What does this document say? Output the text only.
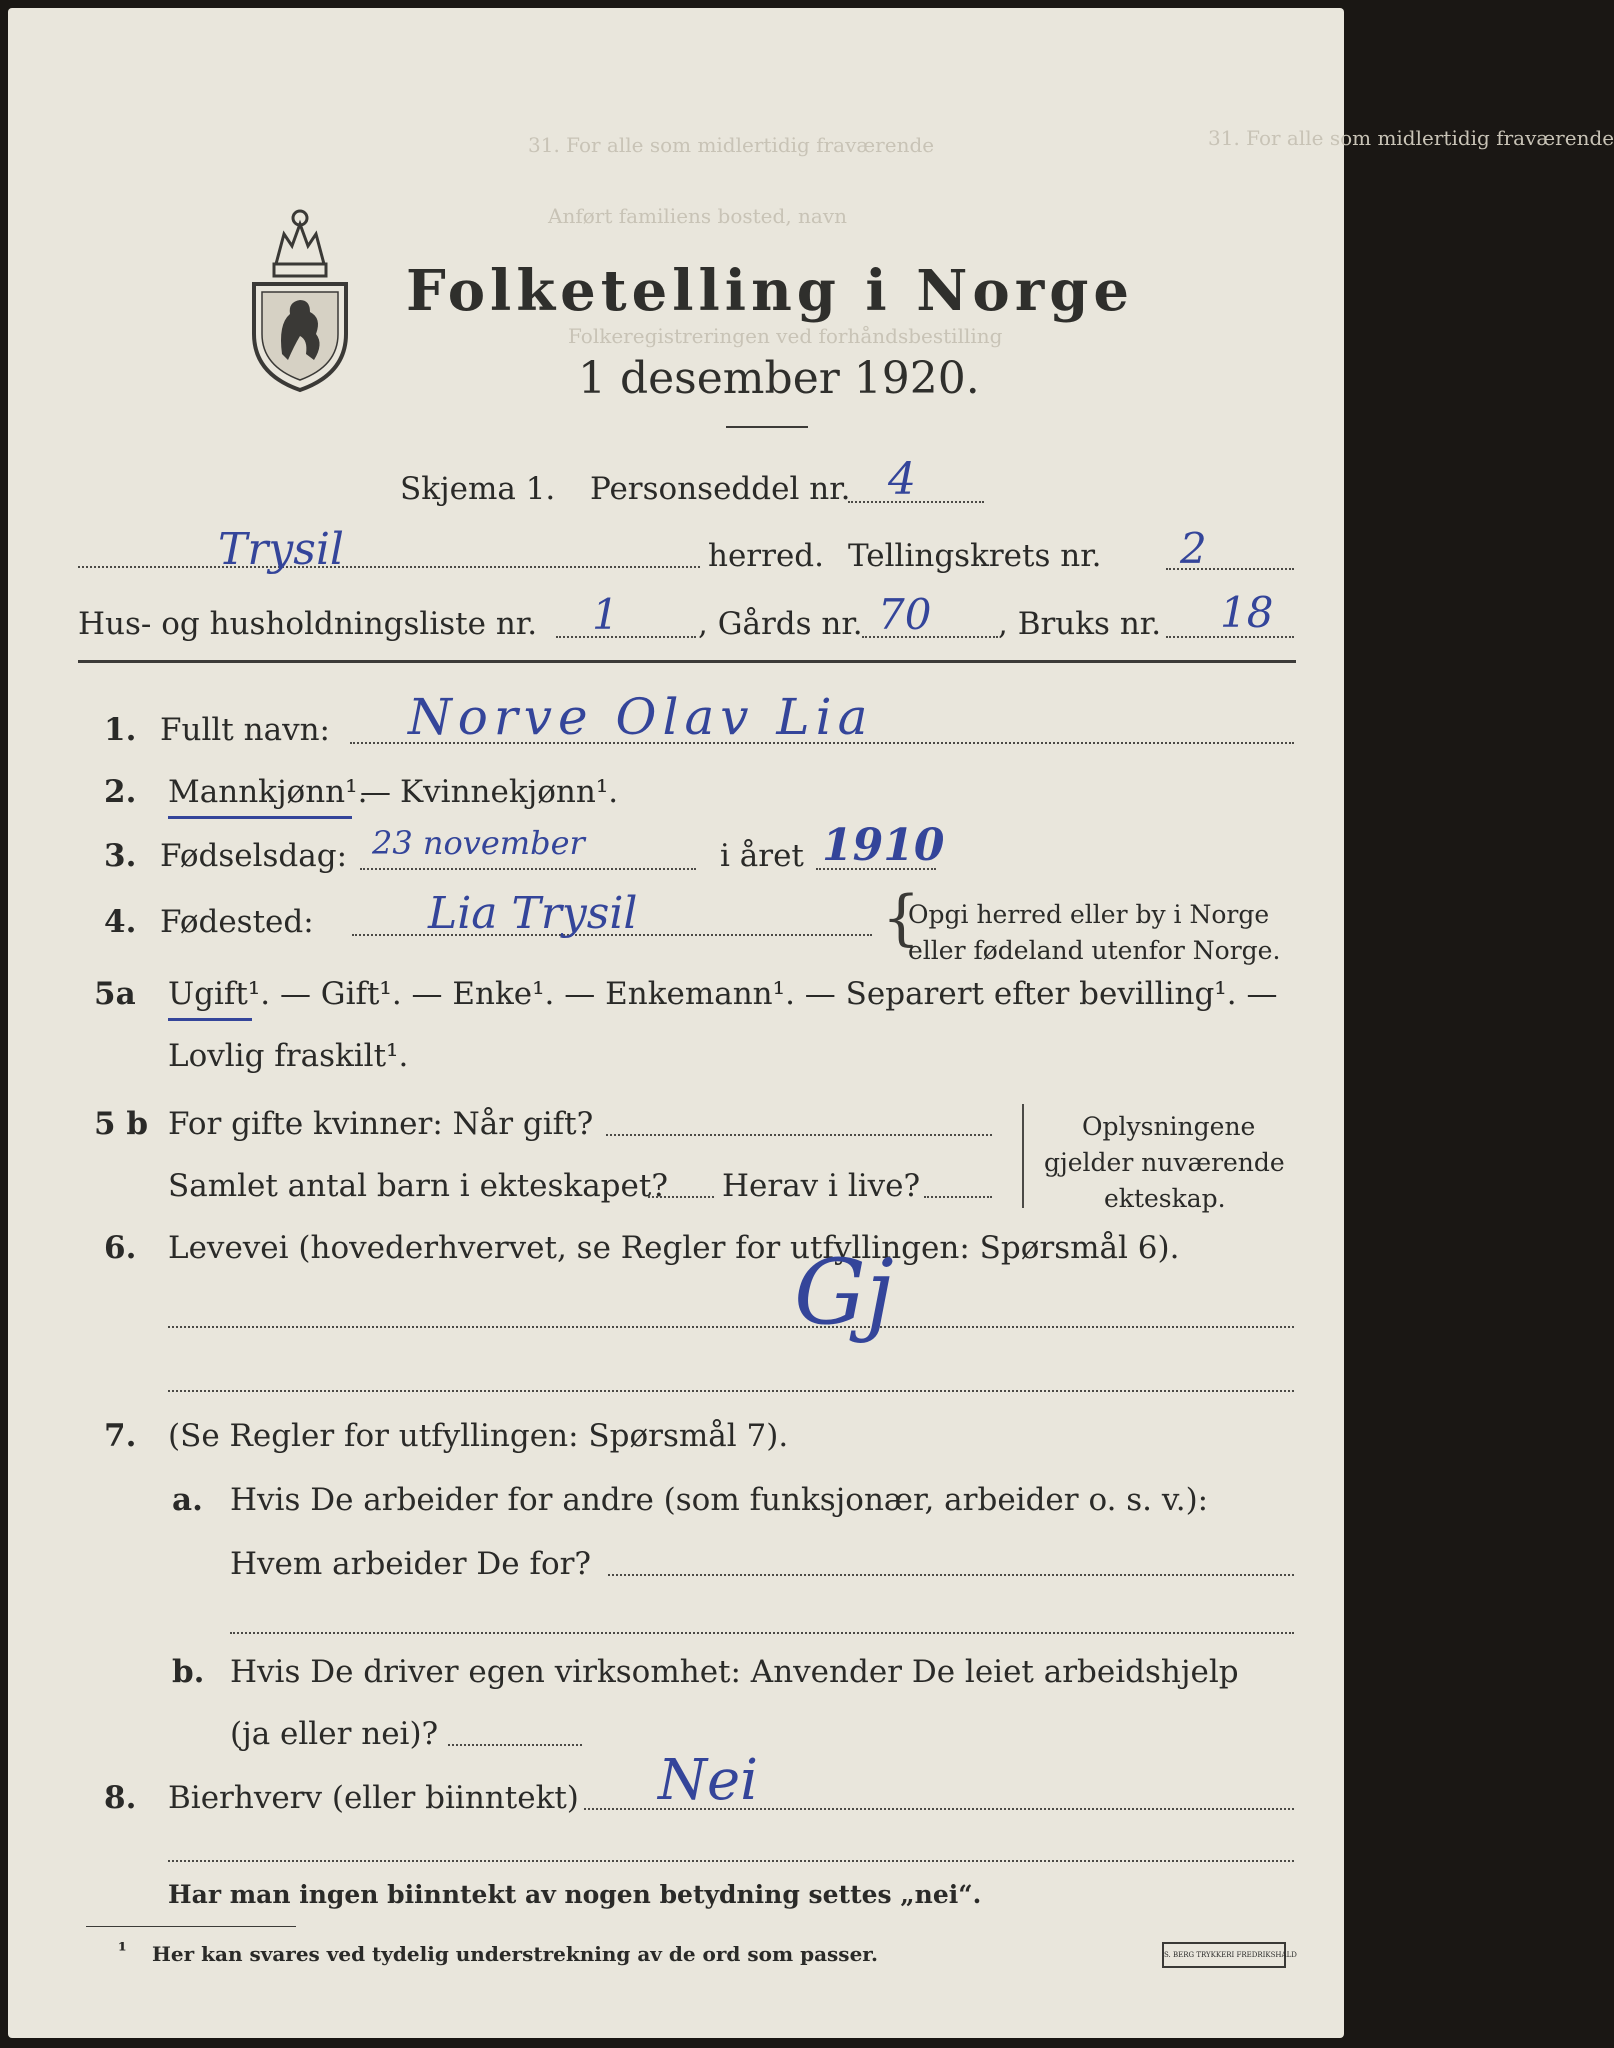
31. For alle som midlertidig fraværende
31. For alle som midlertidig fraværende
Anført familiens bosted, navn
Folkeregistreringen ved forhåndsbestilling
Folketelling i Norge
1 desember 1920.
Skjema 1. Personseddel nr. 4
Trysil	herred. Tellingskrets nr. 2
Hus- og husholdningsliste nr. 1	, Gårds nr. 70 , Bruks nr. 18
1. Fullt navn: Norve Olav Lia
2. Mannkjønn¹.
— Kvinnekjønn¹.
3. Fødselsdag: 23 november	i året 1910
4. Fødested:	Lia Trysil	{
Opgi herred eller by i Norge
eller fødeland utenfor Norge.
5a Ugift¹. — Gift¹. — Enke¹. — Enkemann¹. — Separert efter bevilling¹. —
Lovlig fraskilt¹.
5 b For gifte kvinner: Når gift?
Samlet antal barn i ekteskapet? Herav i live?
Oplysningene
gjelder nuværende
ekteskap.
6. Levevei (hovederhvervet, se Regler for utfyllingen: Spørsmål 6).
Gj
7. (Se Regler for utfyllingen: Spørsmål 7).
a. Hvis De arbeider for andre (som funksjonær, arbeider o. s. v.):
Hvem arbeider De for?
b. Hvis De driver egen virksomhet: Anvender De leiet arbeidshjelp
(ja eller nei)?
8. Bierhverv (eller biinntekt) Nei
Har man ingen biinntekt av nogen betydning settes „nei“.
¹ Her kan svares ved tydelig understrekning av de ord som passer.	S. BERG TRYKKERI FREDRIKSHALD
